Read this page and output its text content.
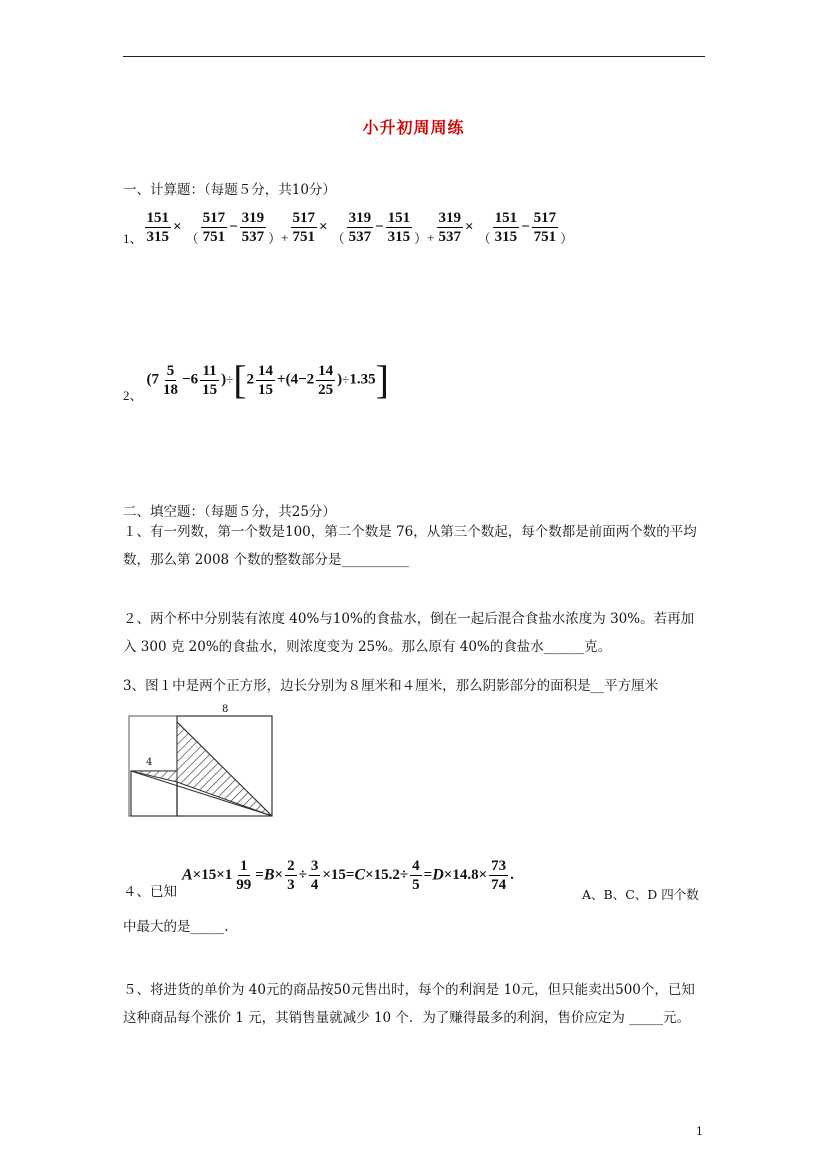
小升初周周练
一、计算题：（每题５分，共10分）
$_{1、} \frac{151}{315} \times _( \frac{517}{751} - \frac{319}{537} _{)+} \frac{517}{751} \times _( \frac{319}{537} - \frac{151}{315} _{)+} \frac{319}{537} \times _( \frac{151}{315} - \frac{517}{751} _)$
$_{2、}$ $(7 \frac{5}{18} -6 \frac{11}{15} )\div[2 \frac{14}{15} +(4-2 \frac{14}{25} )\div 1.35]$
二、填空题：（每题５分，共25分）
１、有一列数，第一个数是100，第二个数是 76，从第三个数起，每个数都是前面两个数的平均数，那么第 2008 个数的整数部分是__________
２、两个杯中分别装有浓度 40%与10%的食盐水，倒在一起后混合食盐水浓度为 30%。若再加入 300 克 20%的食盐水，则浓度变为 25%。那么原有 40%的食盐水______克。
3、图１中是两个正方形，边长分别为８厘米和４厘米，那么阴影部分的面积是__平方厘米
8
4
４、已知
$A\times 15\times 1 \frac{1}{99} =B\times \frac{2}{3} \div \frac{3}{4} \times 15=C\times 15.2\div \frac{4}{5} =D\times 14.8\times \frac{73}{74}$ .
A、B、C、D 四个数
中最大的是_____.
５、将进货的单价为 40元的商品按50元售出时，每个的利润是 10元，但只能卖出500个，已知这种商品每个涨价 1 元，其销售量就减少 10 个．为了赚得最多的利润，售价应定为 _____元。
1
